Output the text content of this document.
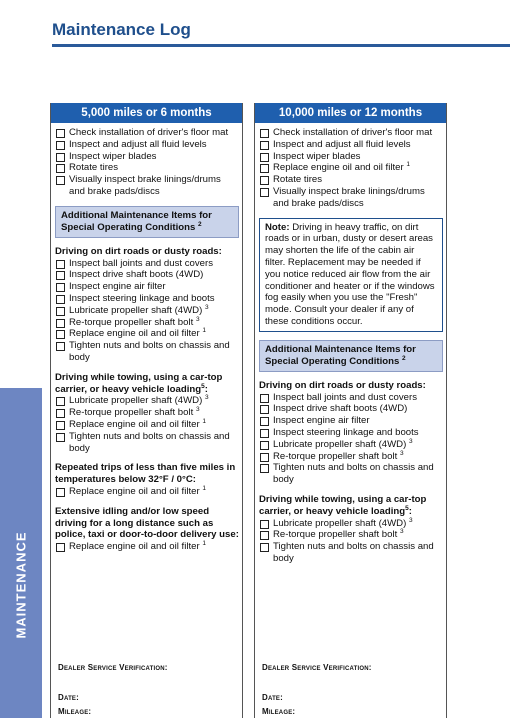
Maintenance Log
MAINTENANCE
5,000 miles or 6 months
Check installation of driver's floor mat
Inspect and adjust all fluid levels
Inspect wiper blades
Rotate tires
Visually inspect brake linings/drums and brake pads/discs
Additional Maintenance Items for Special Operating Conditions $^2$
Driving on dirt roads or dusty roads:
Inspect ball joints and dust covers
Inspect drive shaft boots (4WD)
Inspect engine air filter
Inspect steering linkage and boots
Lubricate propeller shaft (4WD) $^3$
Re-torque propeller shaft bolt $^3$
Replace engine oil and oil filter $^1$
Tighten nuts and bolts on chassis and body
Driving while towing, using a car-top carrier, or heavy vehicle loading$^5$:
Lubricate propeller shaft (4WD) $^3$
Re-torque propeller shaft bolt $^3$
Replace engine oil and oil filter $^1$
Tighten nuts and bolts on chassis and body
Repeated trips of less than five miles in temperatures below 32°F / 0°C:
Replace engine oil and oil filter $^1$
Extensive idling and/or low speed driving for a long distance such as police, taxi or door-to-door delivery use:
Replace engine oil and oil filter $^1$
10,000 miles or 12 months
Check installation of driver's floor mat
Inspect and adjust all fluid levels
Inspect wiper blades
Replace engine oil and oil filter $^1$
Rotate tires
Visually inspect brake linings/drums and brake pads/discs
Note: Driving in heavy traffic, on dirt roads or in urban, dusty or desert areas may shorten the life of the cabin air filter. Replacement may be needed if you notice reduced air flow from the air conditioner and heater or if the windows fog easily when you use the "Fresh" mode. Consult your dealer if any of these conditions occur.
Additional Maintenance Items for Special Operating Conditions $^2$
Driving on dirt roads or dusty roads:
Inspect ball joints and dust covers
Inspect drive shaft boots (4WD)
Inspect engine air filter
Inspect steering linkage and boots
Lubricate propeller shaft (4WD) $^3$
Re-torque propeller shaft bolt $^3$
Tighten nuts and bolts on chassis and body
Driving while towing, using a car-top carrier, or heavy vehicle loading$^5$:
Lubricate propeller shaft (4WD) $^3$
Re-torque propeller shaft bolt $^3$
Tighten nuts and bolts on chassis and body
Dealer Service Verification:
Date:
Mileage:
Dealer Service Verification:
Date:
Mileage:
